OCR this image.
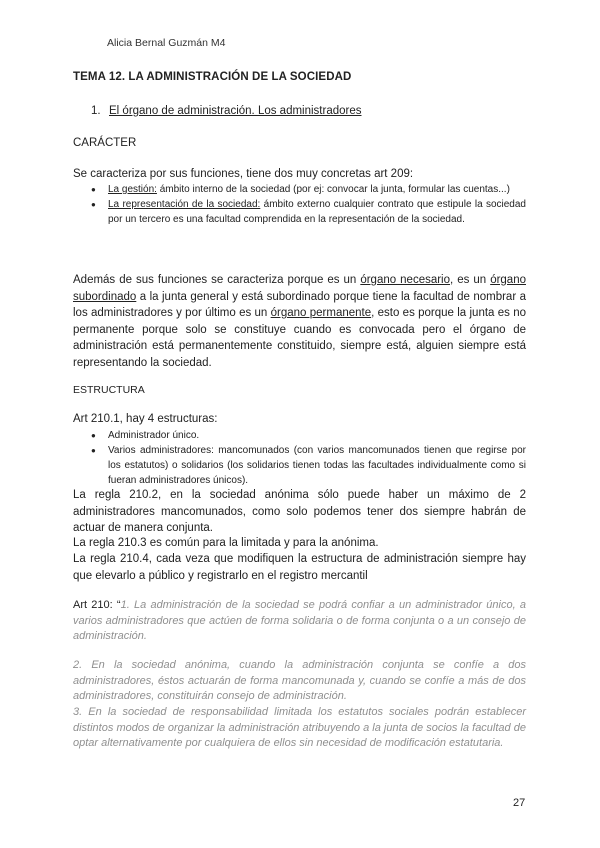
Alicia Bernal Guzmán M4
TEMA 12. LA ADMINISTRACIÓN DE LA SOCIEDAD
1. El órgano de administración. Los administradores
CARÁCTER
Se caracteriza por sus funciones, tiene dos muy concretas art 209:
● La gestión: ámbito interno de la sociedad (por ej: convocar la junta, formular las cuentas...)
● La representación de la sociedad: ámbito externo cualquier contrato que estipule la sociedad por un tercero es una facultad comprendida en la representación de la sociedad.

Además de sus funciones se caracteriza porque es un órgano necesario, es un órgano subordinado a la junta general y está subordinado porque tiene la facultad de nombrar a los administradores y por último es un órgano permanente, esto es porque la junta es no permanente porque solo se constituye cuando es convocada pero el órgano de administración está permanentemente constituido, siempre está, alguien siempre está representando la sociedad.

ESTRUCTURA
Art 210.1, hay 4 estructuras:
● Administrador único.
● Varios administradores: mancomunados (con varios mancomunados tienen que regirse por los estatutos) o solidarios (los solidarios tienen todas las facultades individualmente como si fueran administradores únicos).

La regla 210.2, en la sociedad anónima sólo puede haber un máximo de 2 administradores mancomunados, como solo podemos tener dos siempre habrán de actuar de manera conjunta.

La regla 210.3 es común para la limitada y para la anónima.

La regla 210.4, cada veza que modifiquen la estructura de administración siempre hay que elevarlo a público y registrarlo en el registro mercantil

Art 210: “1. La administración de la sociedad se podrá confiar a un administrador único, a varios administradores que actúen de forma solidaria o de forma conjunta o a un consejo de administración.

2. En la sociedad anónima, cuando la administración conjunta se confíe a dos administradores, éstos actuarán de forma mancomunada y, cuando se confíe a más de dos administradores, constituirán consejo de administración.

3. En la sociedad de responsabilidad limitada los estatutos sociales podrán establecer distintos modos de organizar la administración atribuyendo a la junta de socios la facultad de optar alternativamente por cualquiera de ellos sin necesidad de modificación estatutaria.

27
